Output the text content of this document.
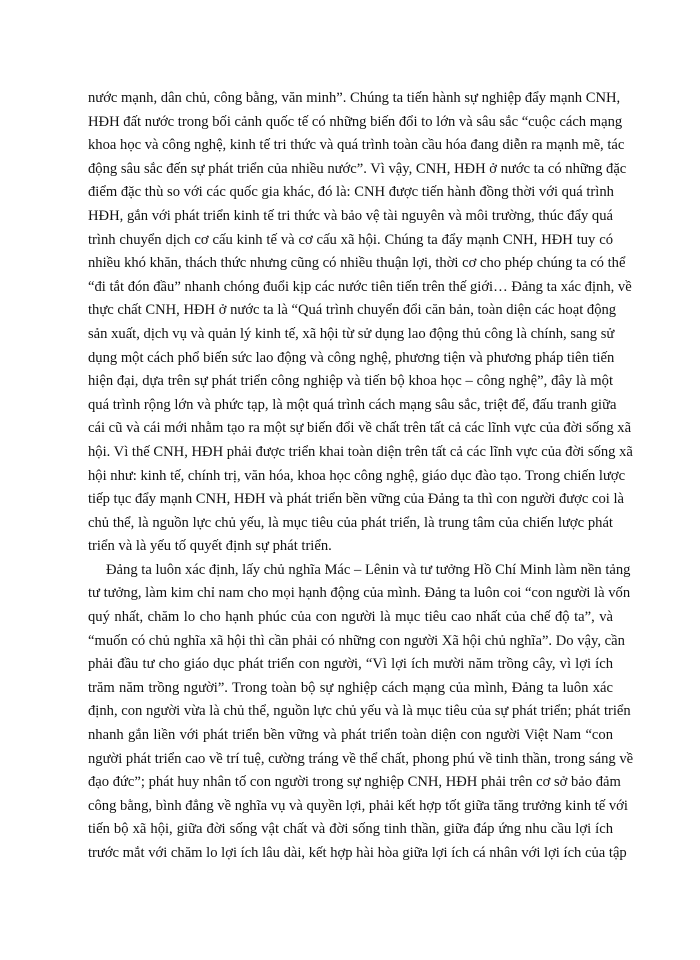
nước mạnh, dân chủ, công bằng, văn minh”. Chúng ta tiến hành sự nghiệp đẩy mạnh CNH,
HĐH đất nước trong bối cảnh quốc tế có những biến đổi to lớn và sâu sắc “cuộc cách mạng
khoa học và công nghệ, kinh tế tri thức và quá trình toàn cầu hóa đang diễn ra mạnh mẽ, tác
động sâu sắc đến sự phát triển của nhiều nước”. Vì vậy, CNH, HĐH ở nước ta có những đặc
điểm đặc thù so với các quốc gia khác, đó là: CNH được tiến hành đồng thời với quá trình
HĐH, gắn với phát triển kinh tế tri thức và bảo vệ tài nguyên và môi trường, thúc đẩy quá
trình chuyển dịch cơ cấu kinh tế và cơ cấu xã hội. Chúng ta đẩy mạnh CNH, HĐH tuy có
nhiều khó khăn, thách thức nhưng cũng có nhiều thuận lợi, thời cơ cho phép chúng ta có thể
“đi tắt đón đầu” nhanh chóng đuổi kịp các nước tiên tiến trên thế giới… Đảng ta xác định, về
thực chất CNH, HĐH ở nước ta là “Quá trình chuyển đổi căn bản, toàn diện các hoạt động
sản xuất, dịch vụ và quản lý kinh tế, xã hội từ sử dụng lao động thủ công là chính, sang sử
dụng một cách phổ biến sức lao động và công nghệ, phương tiện và phương pháp tiên tiến
hiện đại, dựa trên sự phát triển công nghiệp và tiến bộ khoa học – công nghệ”, đây là một
quá trình rộng lớn và phức tạp, là một quá trình cách mạng sâu sắc, triệt để, đấu tranh giữa
cái cũ và cái mới nhằm tạo ra một sự biến đổi về chất trên tất cả các lĩnh vực của đời sống xã
hội. Vì thế CNH, HĐH phải được triển khai toàn diện trên tất cả các lĩnh vực của đời sống xã
hội như: kinh tế, chính trị, văn hóa, khoa học công nghệ, giáo dục đào tạo. Trong chiến lược
tiếp tục đẩy mạnh CNH, HĐH và phát triển bền vững của Đảng ta thì con người được coi là
chủ thể, là nguồn lực chủ yếu, là mục tiêu của phát triển, là trung tâm của chiến lược phát
triển và là yếu tố quyết định sự phát triển.
Đảng ta luôn xác định, lấy chủ nghĩa Mác – Lênin và tư tưởng Hồ Chí Minh làm nền tảng
tư tưởng, làm kim chỉ nam cho mọi hạnh động của mình. Đảng ta luôn coi “con người là vốn
quý nhất, chăm lo cho hạnh phúc của con người là mục tiêu cao nhất của chế độ ta”, và
“muốn có chủ nghĩa xã hội thì cần phải có những con người Xã hội chủ nghĩa”. Do vậy, cần
phải đầu tư cho giáo dục phát triển con người, “Vì lợi ích mười năm trồng cây, vì lợi ích
trăm năm trồng người”. Trong toàn bộ sự nghiệp cách mạng của mình, Đảng ta luôn xác
định, con người vừa là chủ thể, nguồn lực chủ yếu và là mục tiêu của sự phát triển; phát triển
nhanh gắn liền với phát triển bền vững và phát triển toàn diện con người Việt Nam “con
người phát triển cao về trí tuệ, cường tráng về thể chất, phong phú về tinh thần, trong sáng về
đạo đức”; phát huy nhân tố con người trong sự nghiệp CNH, HĐH phải trên cơ sở bảo đảm
công bằng, bình đẳng về nghĩa vụ và quyền lợi, phải kết hợp tốt giữa tăng trưởng kinh tế với
tiến bộ xã hội, giữa đời sống vật chất và đời sống tinh thần, giữa đáp ứng nhu cầu lợi ích
trước mắt với chăm lo lợi ích lâu dài, kết hợp hài hòa giữa lợi ích cá nhân với lợi ích của tập
